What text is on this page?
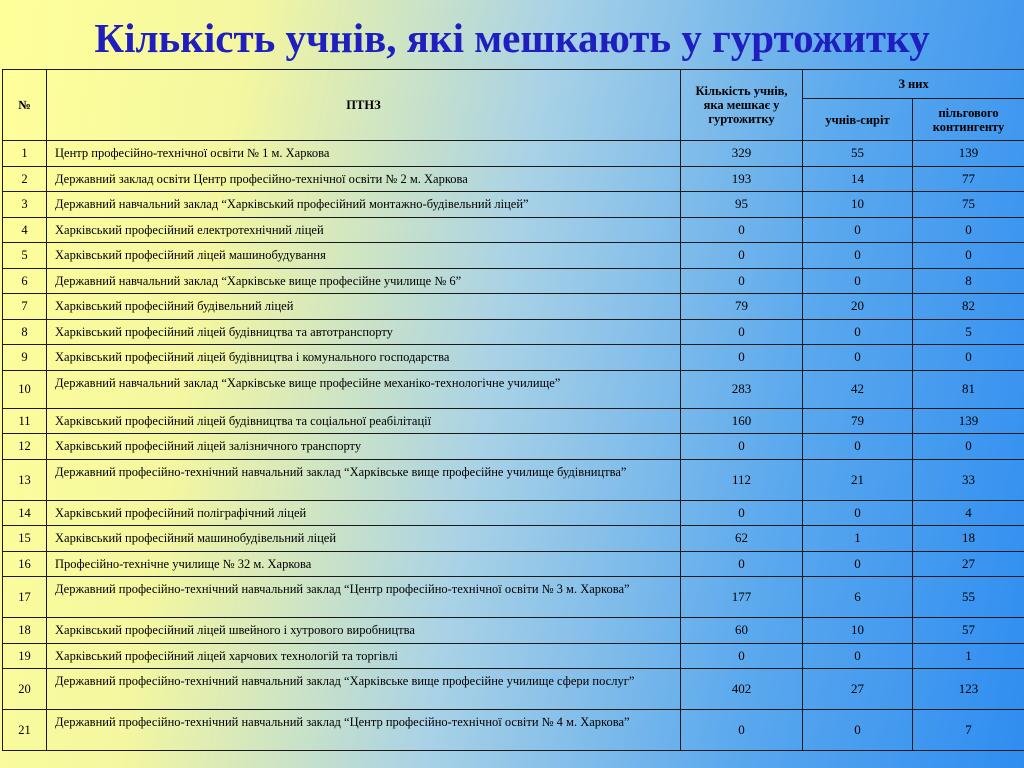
Кількість учнів, які мешкають у гуртожитку
№	ПТНЗ	Кількість учнів, яка мешкає у гуртожитку	З них	
			учнів-сиріт	пільгового контингенту
1	Центр професійно-технічної освіти № 1 м. Харкова	329	55	139
2	Державний заклад освіти Центр професійно-технічної освіти № 2 м. Харкова	193	14	77
3	Державний навчальний заклад “Харківський професійний монтажно-будівельний ліцей”	95	10	75
4	Харківський професійний електротехнічний ліцей	0	0	0
5	Харківський професійний ліцей машинобудування	0	0	0
6	Державний навчальний заклад “Харківське вище професійне училище № 6”	0	0	8
7	Харківський професійний будівельний ліцей	79	20	82
8	Харківський професійний ліцей будівництва та автотранспорту	0	0	5
9	Харківський професійний ліцей будівництва і комунального господарства	0	0	0
10	Державний навчальний заклад “Харківське вище професійне механіко-технологічне училище”	283	42	81
11	Харківський професійний ліцей будівництва та соціальної реабілітації	160	79	139
12	Харківський професійний ліцей залізничного транспорту	0	0	0
13	Державний професійно-технічний навчальний заклад “Харківське вище професійне училище будівництва”	112	21	33
14	Харківський професійний поліграфічний ліцей	0	0	4
15	Харківський професійний машинобудівельний ліцей	62	1	18
16	Професійно-технічне училище № 32 м. Харкова	0	0	27
17	Державний професійно-технічний навчальний заклад “Центр професійно-технічної освіти № 3 м. Харкова”	177	6	55
18	Харківський професійний ліцей швейного і хутрового виробництва	60	10	57
19	Харківський професійний ліцей харчових технологій та торгівлі	0	0	1
20	Державний професійно-технічний навчальний заклад “Харківське вище професійне училище сфери послуг”	402	27	123
21	Державний професійно-технічний навчальний заклад “Центр професійно-технічної освіти № 4 м. Харкова”	0	0	7
